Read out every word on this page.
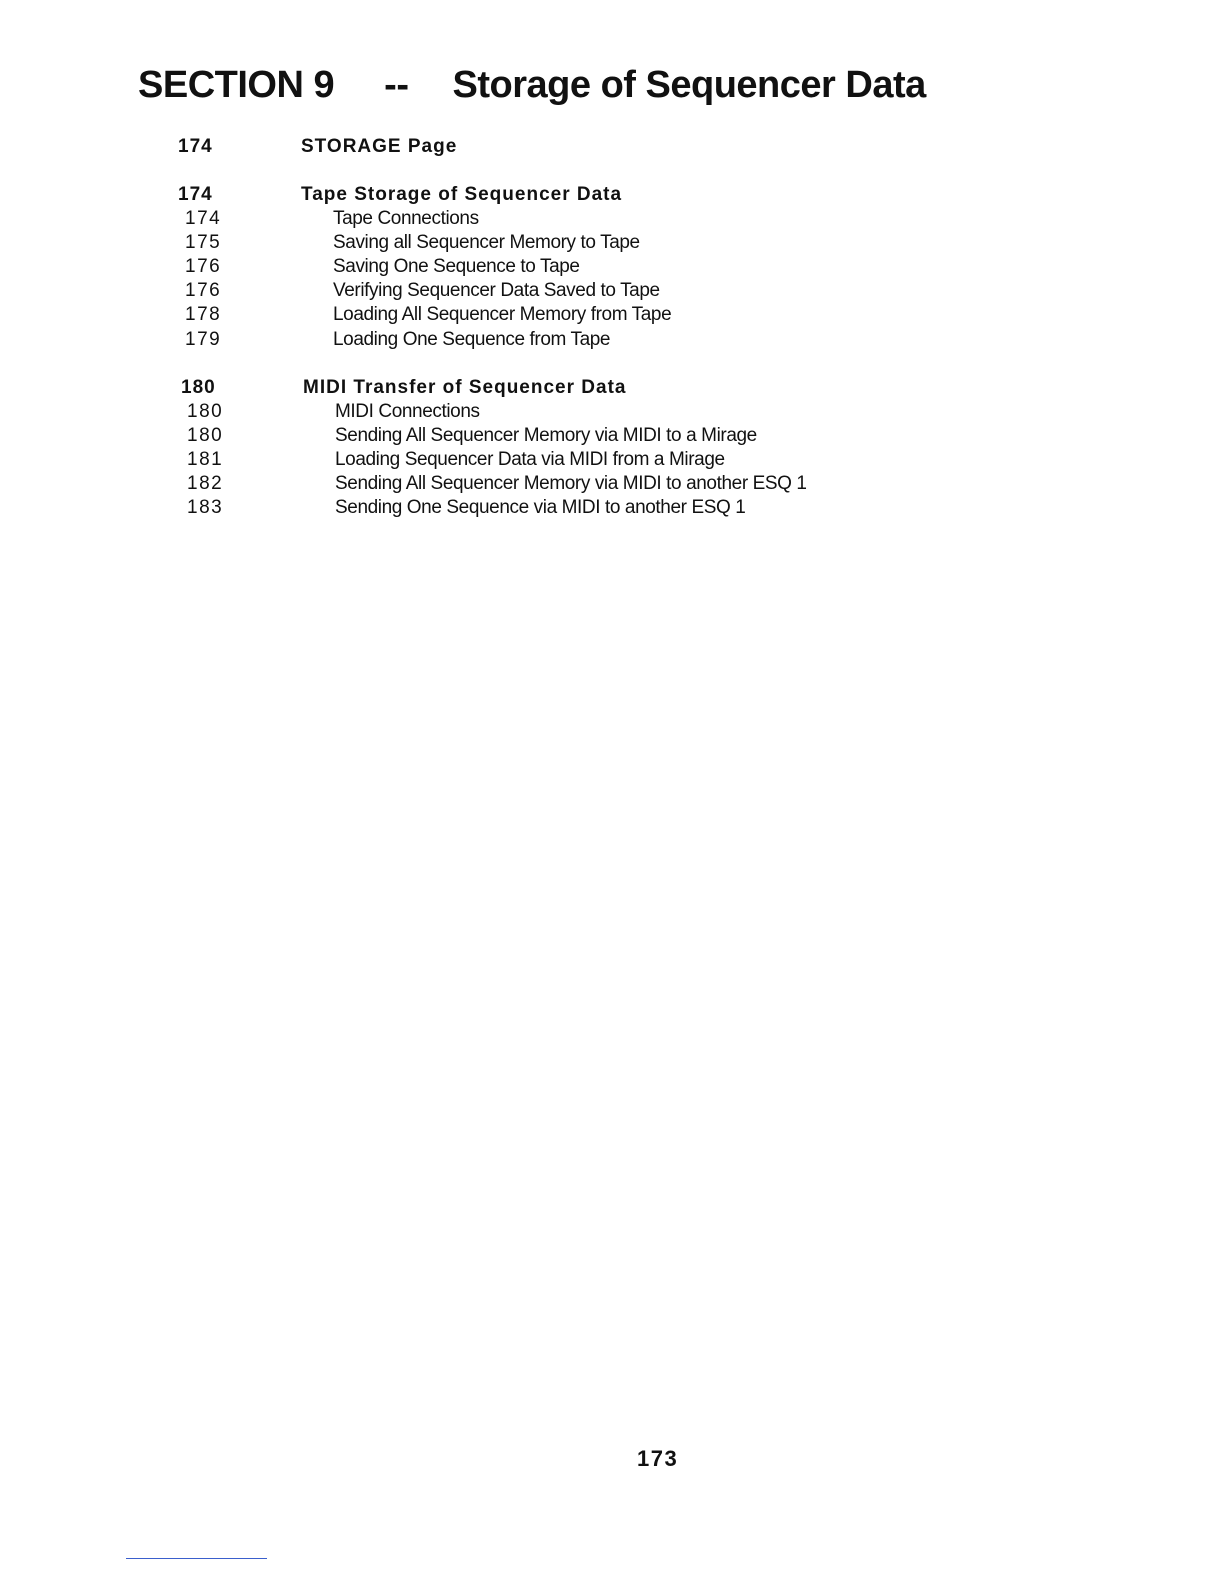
SECTION 9 -- Storage of Sequencer Data
174	STORAGE Page
174	Tape Storage of Sequencer Data
174	Tape Connections
175	Saving all Sequencer Memory to Tape
176	Saving One Sequence to Tape
176	Verifying Sequencer Data Saved to Tape
178	Loading All Sequencer Memory from Tape
179	Loading One Sequence from Tape
180	MIDI Transfer of Sequencer Data
180	MIDI Connections
180	Sending All Sequencer Memory via MIDI to a Mirage
181	Loading Sequencer Data via MIDI from a Mirage
182	Sending All Sequencer Memory via MIDI to another ESQ 1
183	Sending One Sequence via MIDI to another ESQ 1
173
